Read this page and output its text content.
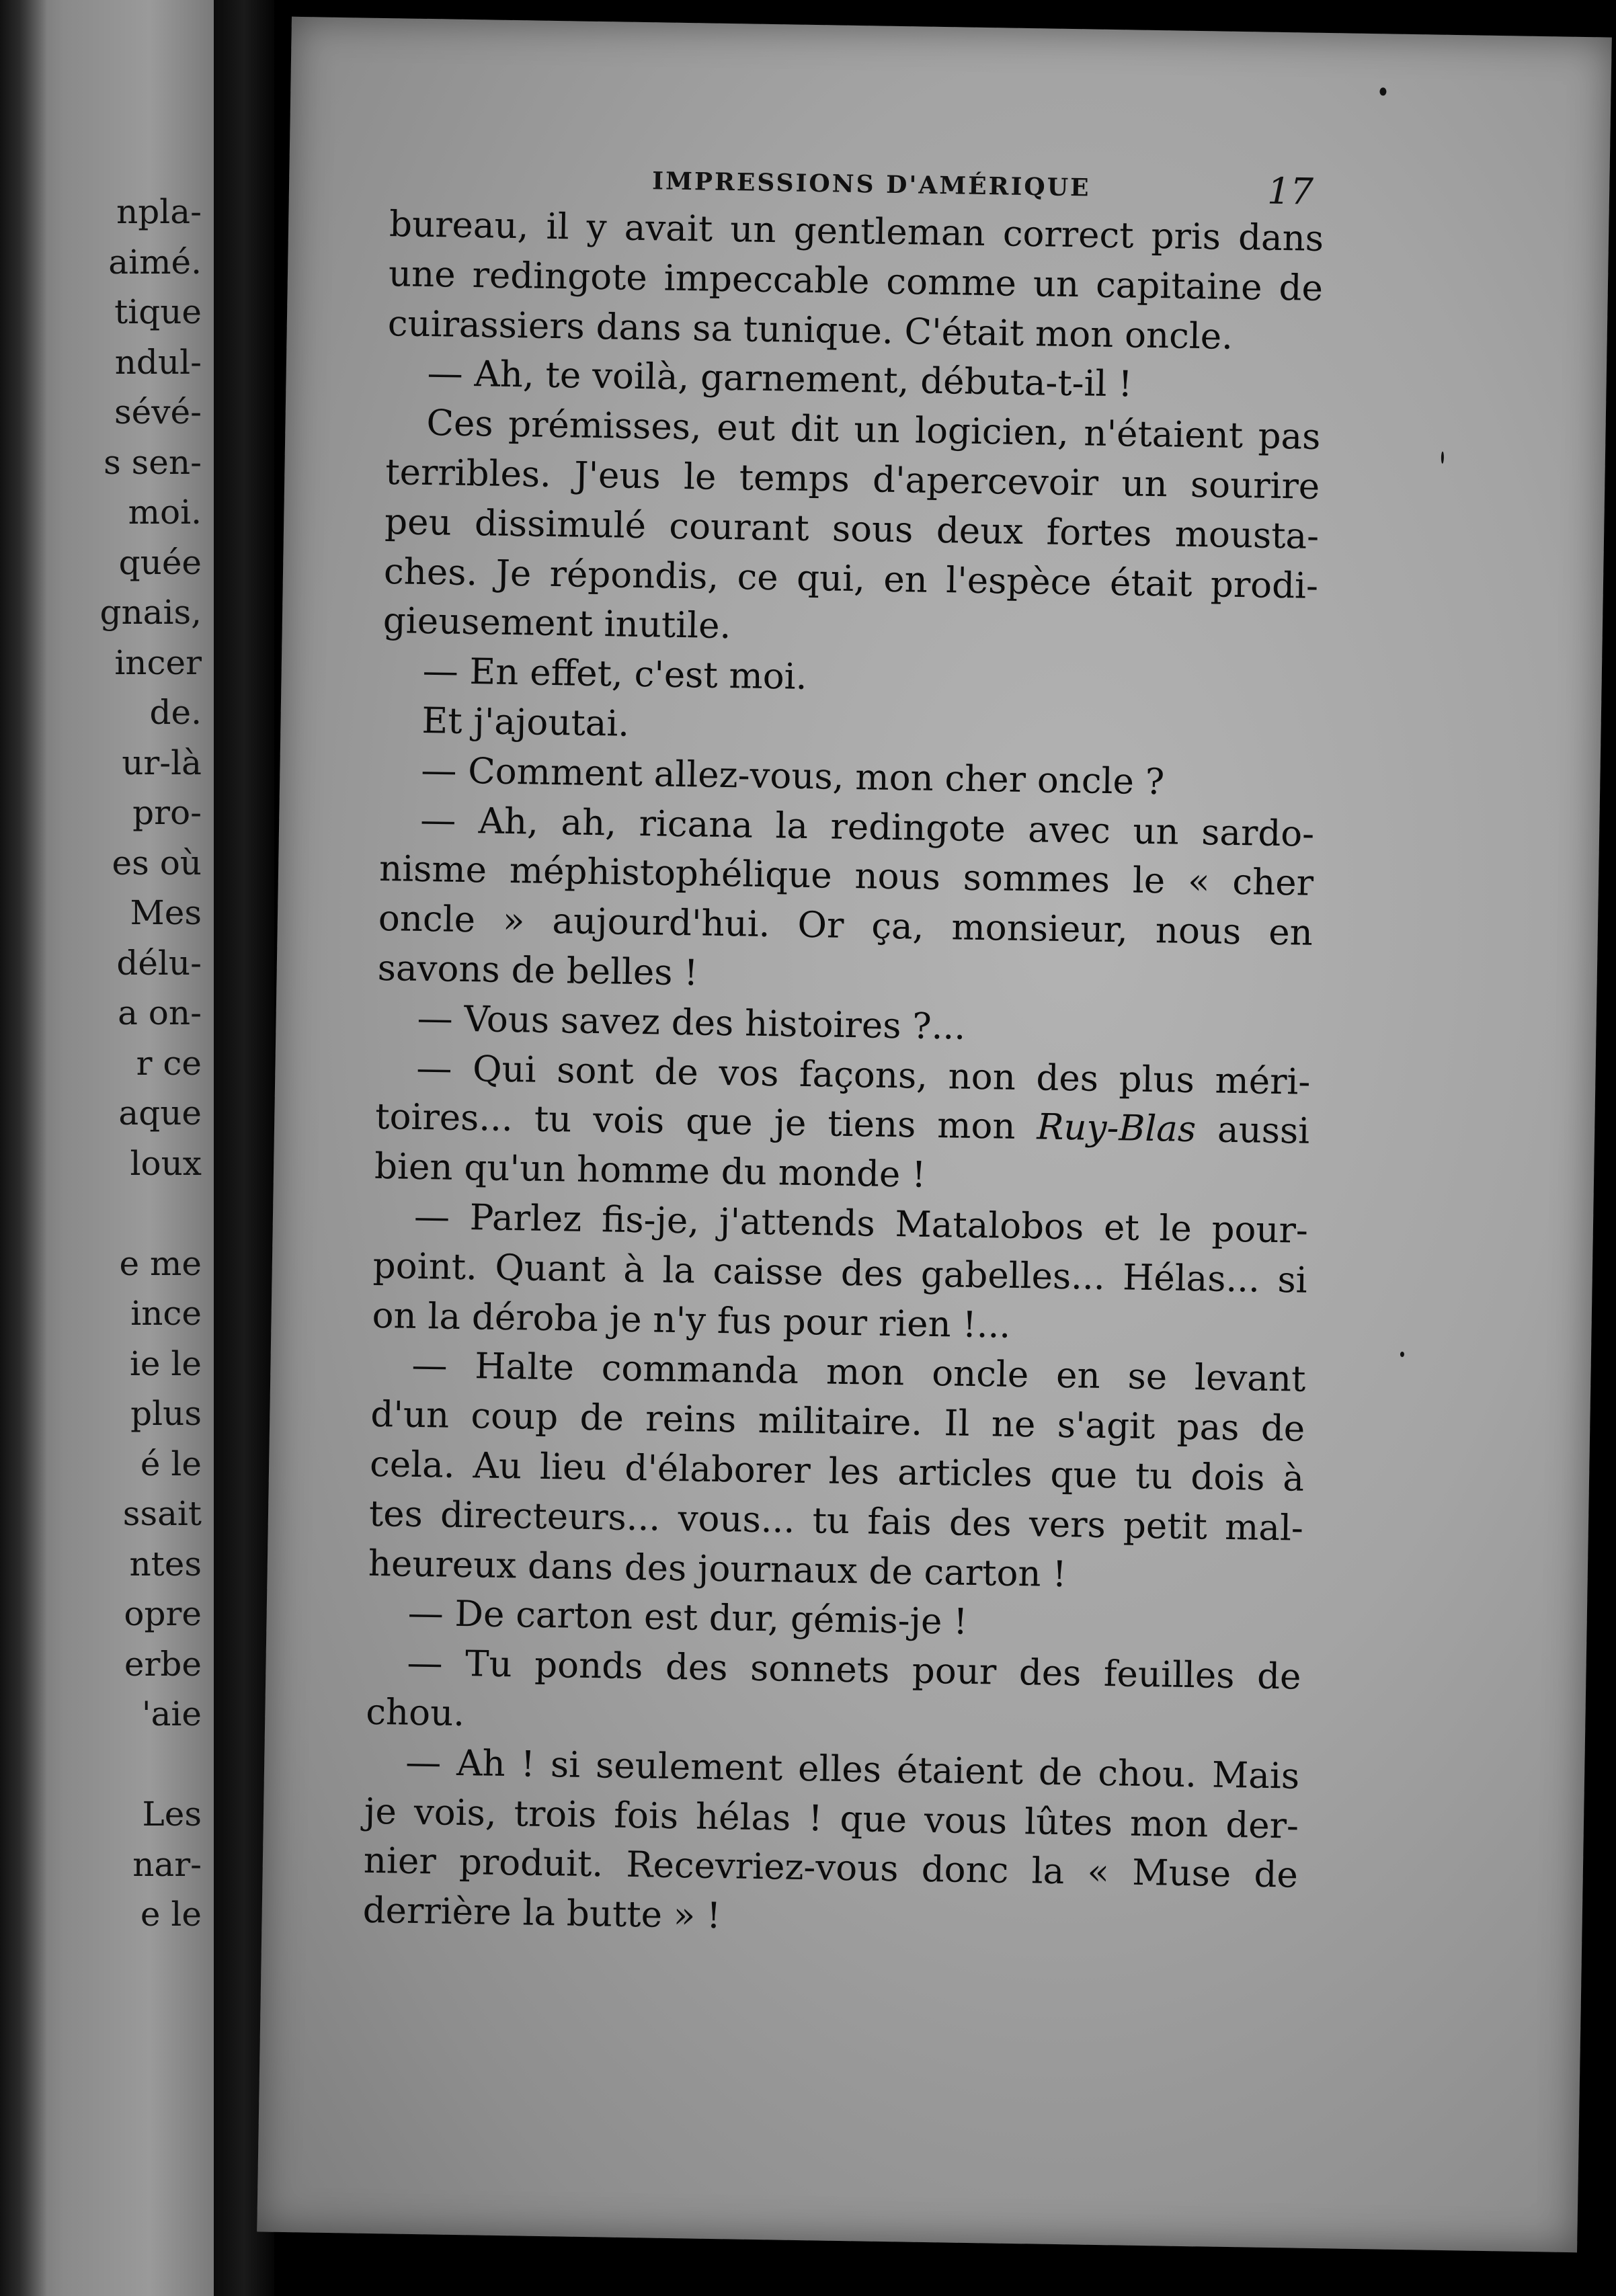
npla-
aimé.
tique
ndul-
sévé-
s sen-
moi.
quée
gnais,
incer
de.
ur-là
pro-
es où
Mes
délu-
a on-
r ce
aque
loux
e me
ince
ie le
plus
é le
ssait
ntes
opre
erbe
'aie
Les
nar-
e le
IMPRESSIONS D'AMÉRIQUE	17
bureau, il y avait un gentleman correct pris dans
une redingote impeccable comme un capitaine de
cuirassiers dans sa tunique. C'était mon oncle.
— Ah, te voilà, garnement, débuta-t-il !
Ces prémisses, eut dit un logicien, n'étaient pas
terribles. J'eus le temps d'apercevoir un sourire
peu dissimulé courant sous deux fortes mousta-
ches. Je répondis, ce qui, en l'espèce était prodi-
gieusement inutile.
— En effet, c'est moi.
Et j'ajoutai.
— Comment allez-vous, mon cher oncle ?
— Ah, ah, ricana la redingote avec un sardo-
nisme méphistophélique nous sommes le « cher
oncle » aujourd'hui. Or ça, monsieur, nous en
savons de belles !
— Vous savez des histoires ?...
— Qui sont de vos façons, non des plus méri-
toires... tu vois que je tiens mon Ruy-Blas aussi
bien qu'un homme du monde !
— Parlez fis-je, j'attends Matalobos et le pour-
point. Quant à la caisse des gabelles... Hélas... si
on la déroba je n'y fus pour rien !...
— Halte commanda mon oncle en se levant
d'un coup de reins militaire. Il ne s'agit pas de
cela. Au lieu d'élaborer les articles que tu dois à
tes directeurs... vous... tu fais des vers petit mal-
heureux dans des journaux de carton !
— De carton est dur, gémis-je !
— Tu ponds des sonnets pour des feuilles de
chou.
— Ah ! si seulement elles étaient de chou. Mais
je vois, trois fois hélas ! que vous lûtes mon der-
nier produit. Recevriez-vous donc la « Muse de
derrière la butte » !
